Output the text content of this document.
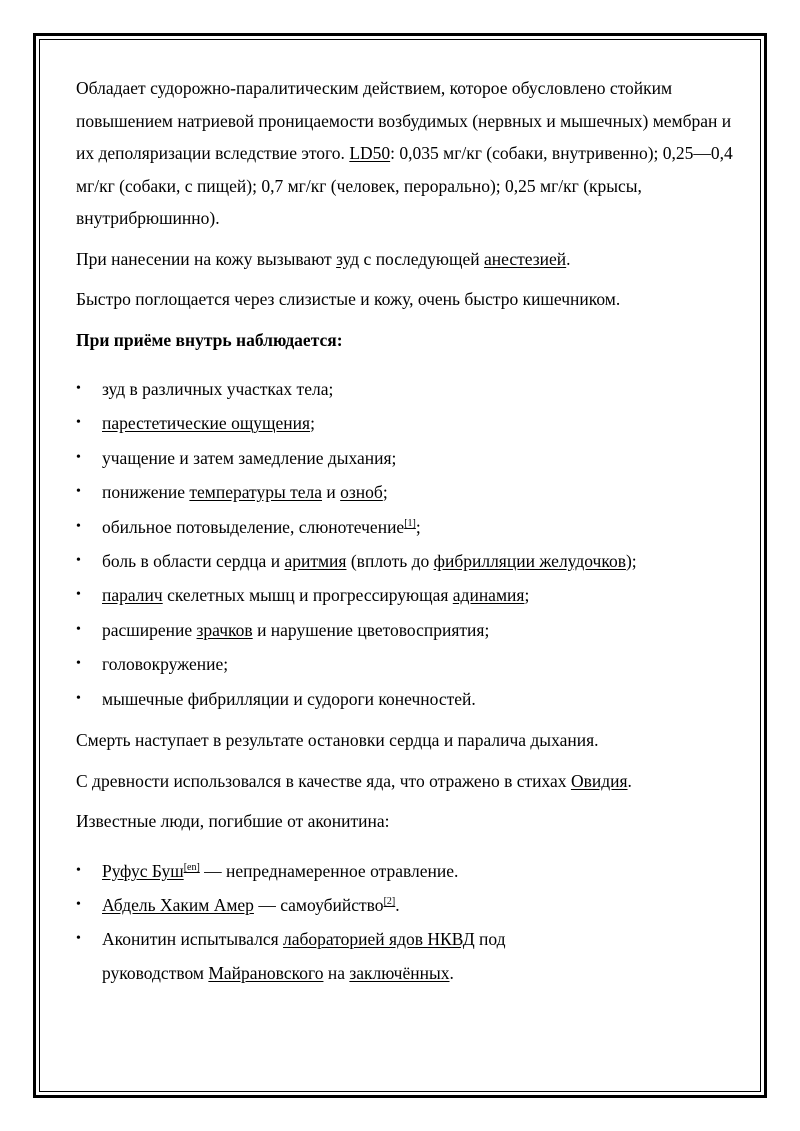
Обладает судорожно-паралитическим действием, которое обусловлено стойким повышением натриевой проницаемости возбудимых (нервных и мышечных) мембран и их деполяризации вследствие этого. LD50: 0,035 мг/кг (собаки, внутривенно); 0,25—0,4 мг/кг (собаки, с пищей); 0,7 мг/кг (человек, перорально); 0,25 мг/кг (крысы, внутрибрюшинно).

При нанесении на кожу вызывают зуд с последующей анестезией.

Быстро поглощается через слизистые и кожу, очень быстро кишечником.

При приёме внутрь наблюдается:

• зуд в различных участках тела;
• парестетические ощущения;
• учащение и затем замедление дыхания;
• понижение температуры тела и озноб;
• обильное потовыделение, слюнотечение[1];
• боль в области сердца и аритмия (вплоть до фибрилляции желудочков);
• паралич скелетных мышц и прогрессирующая адинамия;
• расширение зрачков и нарушение цветовосприятия;
• головокружение;
• мышечные фибрилляции и судороги конечностей.

Смерть наступает в результате остановки сердца и паралича дыхания.

С древности использовался в качестве яда, что отражено в стихах Овидия.

Известные люди, погибшие от аконитина:

• Руфус Буш[en] — непреднамеренное отравление.
• Абдель Хаким Амер — самоубийство[2].
• Аконитин испытывался лабораторией ядов НКВД под руководством Майрановского на заключённых.
